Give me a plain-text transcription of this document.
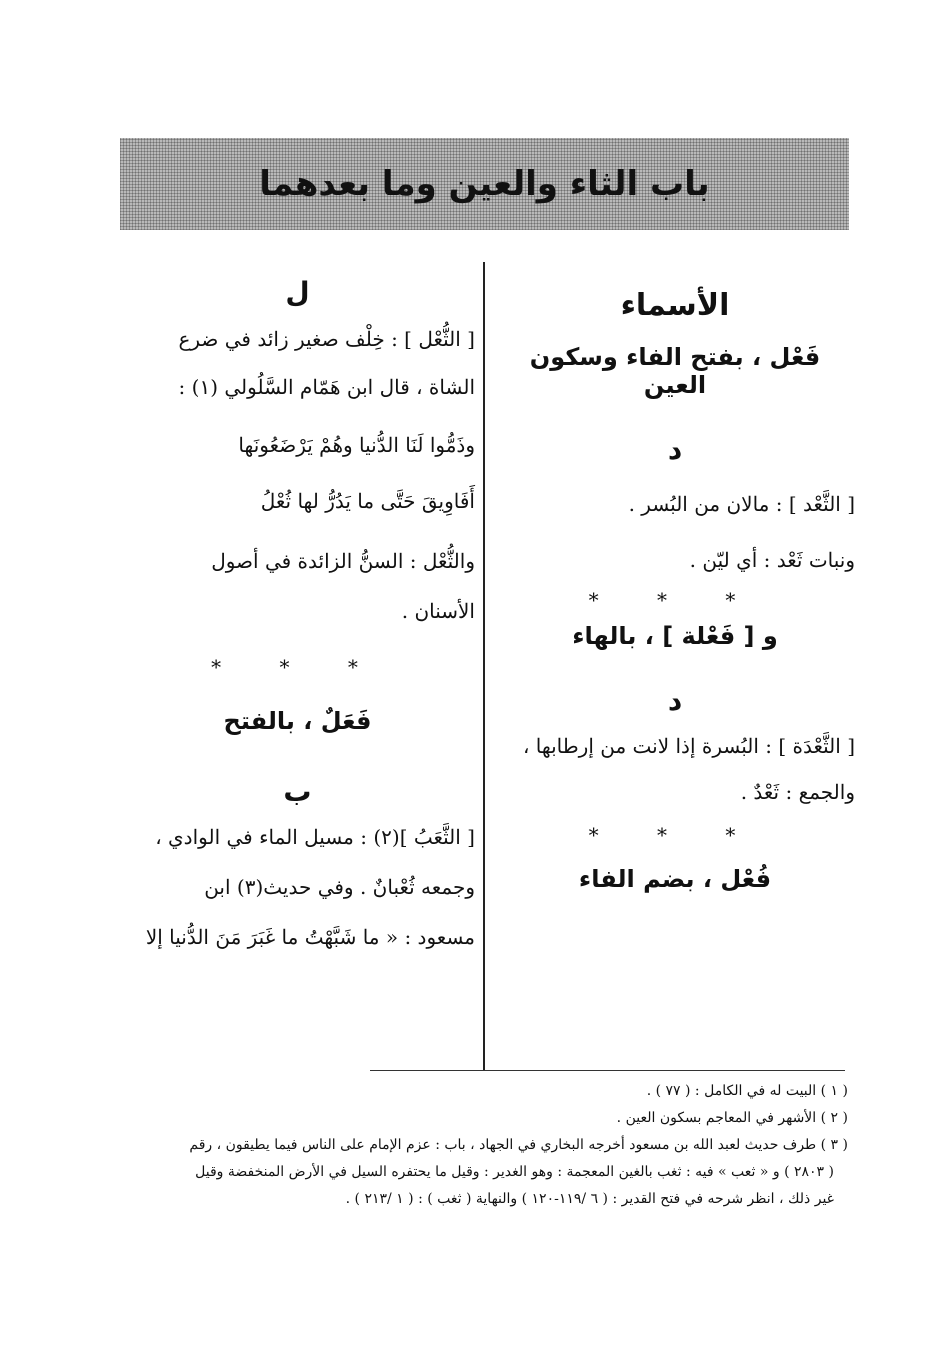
باب الثاء والعين وما بعدهما
الأسماء
فَعْل ، بفتح الفاء وسكون العين
د
[ الثَّعْد ] : مالان من البُسر .
ونبات ثَعْد : أي ليّن .
* * *
و [ فَعْلة ] ، بالهاء
د
[ الثَّعْدَة ] : البُسرة إذا لانت من إرطابها ،
والجمع : ثَعْدٌ .
* * *
فُعْل ، بضم الفاء
ل
[ الثُّعْل ] : خِلْف صغير زائد في ضرع
الشاة ، قال ابن هَمّام السَّلُولي (١) :
وذَمُّوا لَنَا الدُّنيا وهُمْ يَرْضَعُونَها
أَفَاوِيقَ حَتَّى ما يَدُرُّ لها ثُعْلُ
والثُّعْل : السنُّ الزائدة في أصول
الأسنان .
* * *
فَعَلٌ ، بالفتح
ب
[ الثَّعَبُ ](٢) : مسيل الماء في الوادي ،
وجمعه ثُعْبانٌ . وفي حديث(٣) ابن
مسعود : « ما شَبَّهْتُ ما غَبَرَ مَنَ الدُّنيا إلا
( ١ ) البيت له في الكامل : ( ٧٧ ) .
( ٢ ) الأشهر في المعاجم بسكون العين .
( ٣ ) طرف حديث لعبد الله بن مسعود أخرجه البخاري في الجهاد ، باب : عزم الإمام على الناس فيما يطيقون ، رقم
( ٢٨٠٣ ) و « ثعب » فيه : ثغب بالغين المعجمة : وهو الغدير : وقيل ما يحتفره السيل في الأرض المنخفضة وقيل
غير ذلك ، انظر شرحه في فتح القدير : ( ٦ /١١٩-١٢٠ ) والنهاية ( ثغب ) : ( ١ /٢١٣ ) .
